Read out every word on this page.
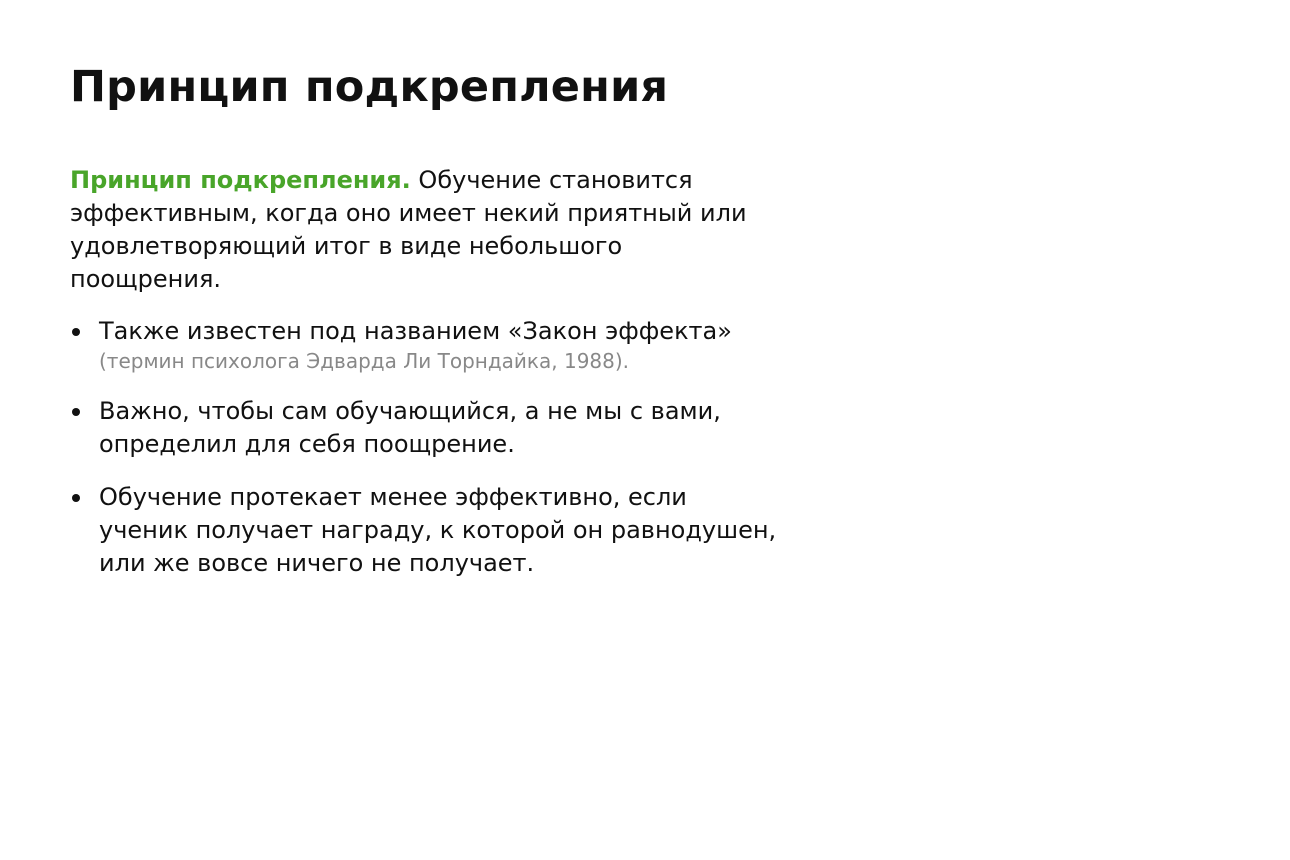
Принцип подкрепления

Принцип подкрепления. Обучение становится эффективным, когда оно имеет некий приятный или удовлетворяющий итог в виде небольшого поощрения.

Также известен под названием «Закон эффекта»
(термин психолога Эдварда Ли Торндайка, 1988).
Важно, чтобы сам обучающийся, а не мы с вами, определил для себя поощрение.
Обучение протекает менее эффективно, если ученик получает награду, к которой он равнодушен, или же вовсе ничего не получает.
